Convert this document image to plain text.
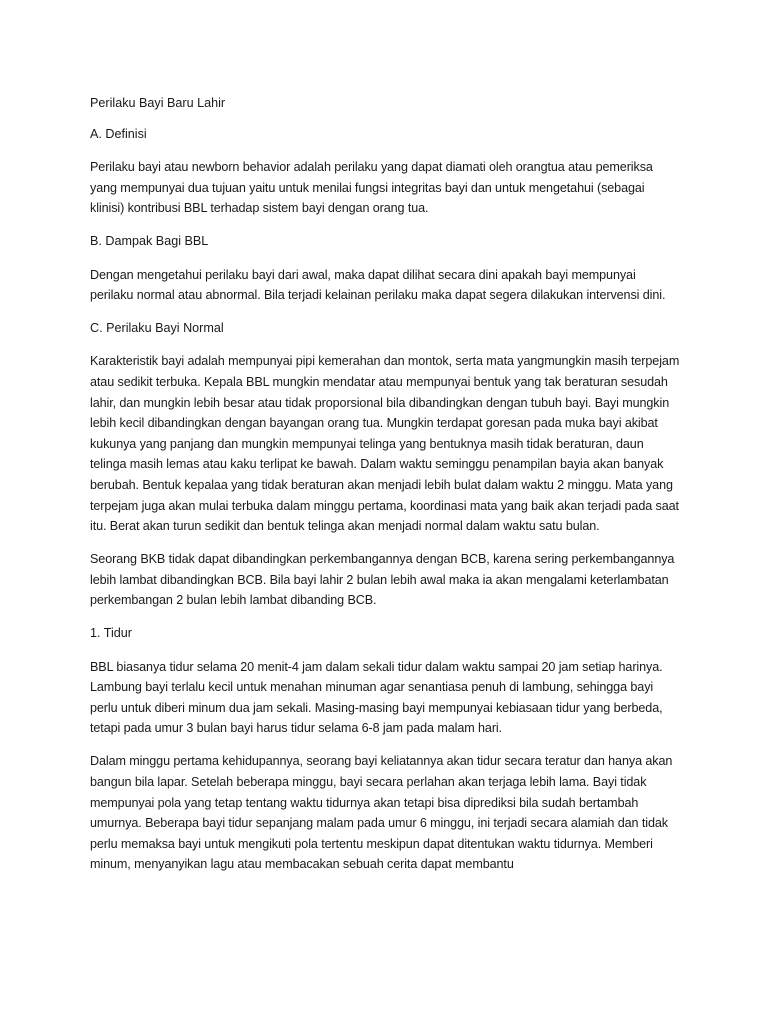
Perilaku Bayi Baru Lahir

A. Definisi

Perilaku bayi atau newborn behavior adalah perilaku yang dapat diamati oleh orangtua atau pemeriksa yang mempunyai dua tujuan yaitu untuk menilai fungsi integritas bayi dan untuk mengetahui (sebagai klinisi) kontribusi BBL terhadap sistem bayi dengan orang tua.

B. Dampak Bagi BBL

Dengan mengetahui perilaku bayi dari awal, maka dapat dilihat secara dini apakah bayi mempunyai perilaku normal atau abnormal. Bila terjadi kelainan perilaku maka dapat segera dilakukan intervensi dini.

C. Perilaku Bayi Normal

Karakteristik bayi adalah mempunyai pipi kemerahan dan montok, serta mata yangmungkin masih terpejam atau sedikit terbuka. Kepala BBL mungkin mendatar atau mempunyai bentuk yang tak beraturan sesudah lahir, dan mungkin lebih besar atau tidak proporsional bila dibandingkan dengan tubuh bayi. Bayi mungkin lebih kecil dibandingkan dengan bayangan orang tua. Mungkin terdapat goresan pada muka bayi akibat kukunya yang panjang dan mungkin mempunyai telinga yang bentuknya masih tidak beraturan, daun telinga masih lemas atau kaku terlipat ke bawah. Dalam waktu seminggu penampilan bayia akan banyak berubah. Bentuk kepalaa yang tidak beraturan akan menjadi lebih bulat dalam waktu 2 minggu. Mata yang terpejam juga akan mulai terbuka dalam minggu pertama, koordinasi mata yang baik akan terjadi pada saat itu. Berat akan turun sedikit dan bentuk telinga akan menjadi normal dalam waktu satu bulan.

Seorang BKB tidak dapat dibandingkan perkembangannya dengan BCB, karena sering perkembangannya lebih lambat dibandingkan BCB. Bila bayi lahir 2 bulan lebih awal maka ia akan mengalami keterlambatan perkembangan 2 bulan lebih lambat dibanding BCB.

1. Tidur

BBL biasanya tidur selama 20 menit-4 jam dalam sekali tidur dalam waktu sampai 20 jam setiap harinya. Lambung bayi terlalu kecil untuk menahan minuman agar senantiasa penuh di lambung, sehingga bayi perlu untuk diberi minum dua jam sekali. Masing-masing bayi mempunyai kebiasaan tidur yang berbeda, tetapi pada umur 3 bulan bayi harus tidur selama 6-8 jam pada malam hari.

Dalam minggu pertama kehidupannya, seorang bayi keliatannya akan tidur secara teratur dan hanya akan bangun bila lapar. Setelah beberapa minggu, bayi secara perlahan akan terjaga lebih lama. Bayi tidak mempunyai pola yang tetap tentang waktu tidurnya akan tetapi bisa diprediksi bila sudah bertambah umurnya. Beberapa bayi tidur sepanjang malam pada umur 6 minggu, ini terjadi secara alamiah dan tidak perlu memaksa bayi untuk mengikuti pola tertentu meskipun dapat ditentukan waktu tidurnya. Memberi minum, menyanyikan lagu atau membacakan sebuah cerita dapat membantu
